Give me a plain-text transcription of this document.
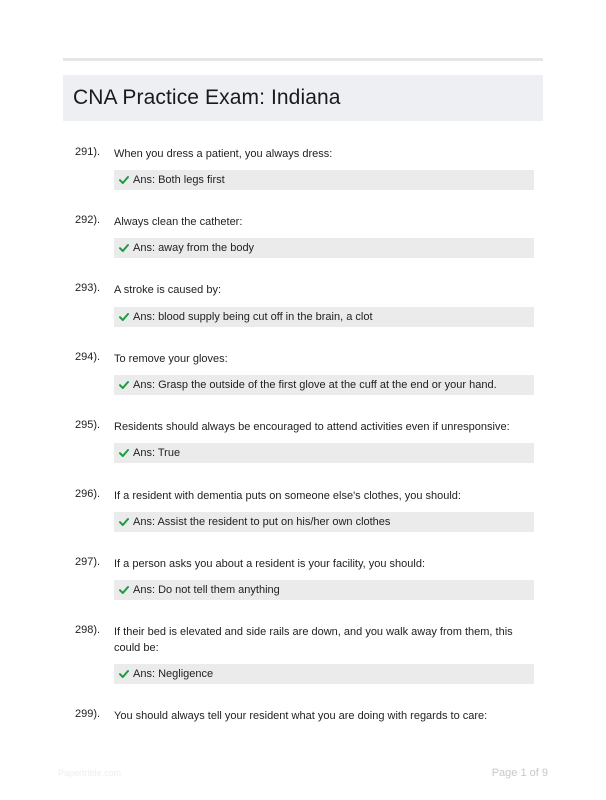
CNA Practice Exam: Indiana
291). When you dress a patient, you always dress:
Ans: Both legs first
292). Always clean the catheter:
Ans: away from the body
293). A stroke is caused by:
Ans: blood supply being cut off in the brain, a clot
294). To remove your gloves:
Ans: Grasp the outside of the first glove at the cuff at the end or your hand.
295). Residents should always be encouraged to attend activities even if unresponsive:
Ans: True
296). If a resident with dementia puts on someone else's clothes, you should:
Ans: Assist the resident to put on his/her own clothes
297). If a person asks you about a resident is your facility, you should:
Ans: Do not tell them anything
298). If their bed is elevated and side rails are down, and you walk away from them, this could be:
Ans: Negligence
299). You should always tell your resident what you are doing with regards to care:
Papertrible.com	Page 1 of 9
